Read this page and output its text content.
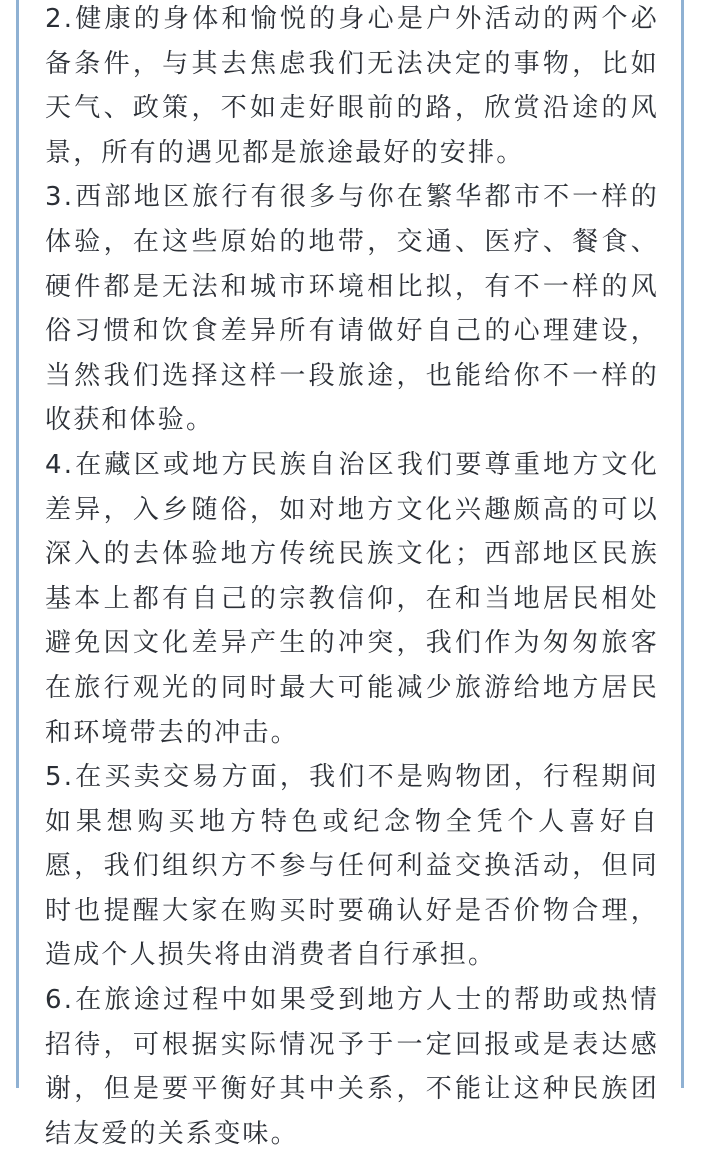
2.健康的身体和愉悦的身心是户外活动的两个必备条件，与其去焦虑我们无法决定的事物，比如天气、政策，不如走好眼前的路，欣赏沿途的风景，所有的遇见都是旅途最好的安排。

3.西部地区旅行有很多与你在繁华都市不一样的体验，在这些原始的地带，交通、医疗、餐食、硬件都是无法和城市环境相比拟，有不一样的风俗习惯和饮食差异所有请做好自己的心理建设，当然我们选择这样一段旅途，也能给你不一样的收获和体验。

4.在藏区或地方民族自治区我们要尊重地方文化差异，入乡随俗，如对地方文化兴趣颇高的可以深入的去体验地方传统民族文化；西部地区民族基本上都有自己的宗教信仰，在和当地居民相处避免因文化差异产生的冲突，我们作为匆匆旅客在旅行观光的同时最大可能减少旅游给地方居民和环境带去的冲击。

5.在买卖交易方面，我们不是购物团，行程期间如果想购买地方特色或纪念物全凭个人喜好自愿，我们组织方不参与任何利益交换活动，但同时也提醒大家在购买时要确认好是否价物合理，造成个人损失将由消费者自行承担。

6.在旅途过程中如果受到地方人士的帮助或热情招待，可根据实际情况予于一定回报或是表达感谢，但是要平衡好其中关系，不能让这种民族团结友爱的关系变味。
